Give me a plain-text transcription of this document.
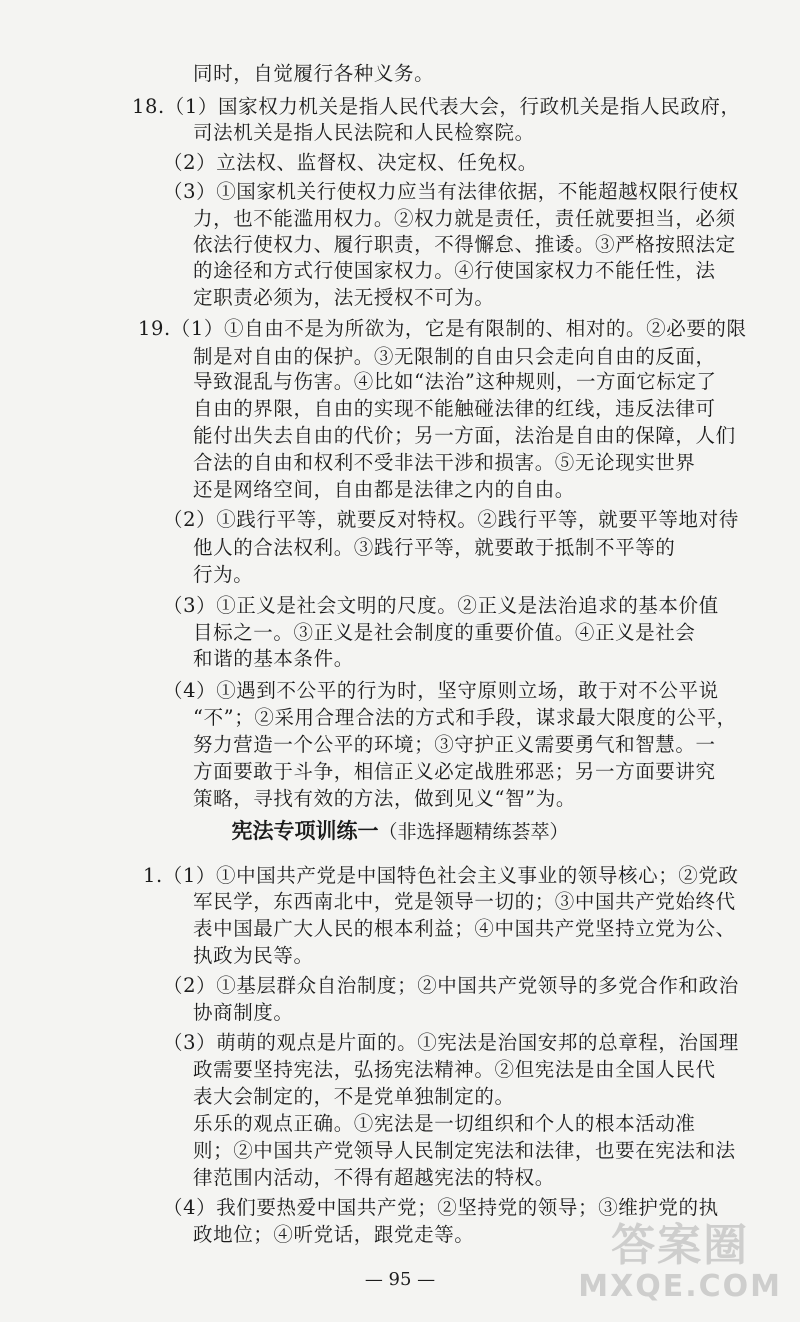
同时，自觉履行各种义务。
18.（1）国家权力机关是指人民代表大会，行政机关是指人民政府，
司法机关是指人民法院和人民检察院。
（2）立法权、监督权、决定权、任免权。
（3）①国家机关行使权力应当有法律依据，不能超越权限行使权
力，也不能滥用权力。②权力就是责任，责任就要担当，必须
依法行使权力、履行职责，不得懈怠、推诿。③严格按照法定
的途径和方式行使国家权力。④行使国家权力不能任性，法
定职责必须为，法无授权不可为。
19.（1）①自由不是为所欲为，它是有限制的、相对的。②必要的限
制是对自由的保护。③无限制的自由只会走向自由的反面，
导致混乱与伤害。④比如“法治”这种规则，一方面它标定了
自由的界限，自由的实现不能触碰法律的红线，违反法律可
能付出失去自由的代价；另一方面，法治是自由的保障，人们
合法的自由和权利不受非法干涉和损害。⑤无论现实世界
还是网络空间，自由都是法律之内的自由。
（2）①践行平等，就要反对特权。②践行平等，就要平等地对待
他人的合法权利。③践行平等，就要敢于抵制不平等的
行为。
（3）①正义是社会文明的尺度。②正义是法治追求的基本价值
目标之一。③正义是社会制度的重要价值。④正义是社会
和谐的基本条件。
（4）①遇到不公平的行为时，坚守原则立场，敢于对不公平说
“不”；②采用合理合法的方式和手段，谋求最大限度的公平，
努力营造一个公平的环境；③守护正义需要勇气和智慧。一
方面要敢于斗争，相信正义必定战胜邪恶；另一方面要讲究
策略，寻找有效的方法，做到见义“智”为。
宪法专项训练一（非选择题精练荟萃）
1.（1）①中国共产党是中国特色社会主义事业的领导核心；②党政
军民学，东西南北中，党是领导一切的；③中国共产党始终代
表中国最广大人民的根本利益；④中国共产党坚持立党为公、
执政为民等。
（2）①基层群众自治制度；②中国共产党领导的多党合作和政治
协商制度。
（3）萌萌的观点是片面的。①宪法是治国安邦的总章程，治国理
政需要坚持宪法，弘扬宪法精神。②但宪法是由全国人民代
表大会制定的，不是党单独制定的。
乐乐的观点正确。①宪法是一切组织和个人的根本活动准
则；②中国共产党领导人民制定宪法和法律，也要在宪法和法
律范围内活动，不得有超越宪法的特权。
（4）我们要热爱中国共产党；②坚持党的领导；③维护党的执
政地位；④听党话，跟党走等。
— 95 —
答案圈
MXQE.COM
